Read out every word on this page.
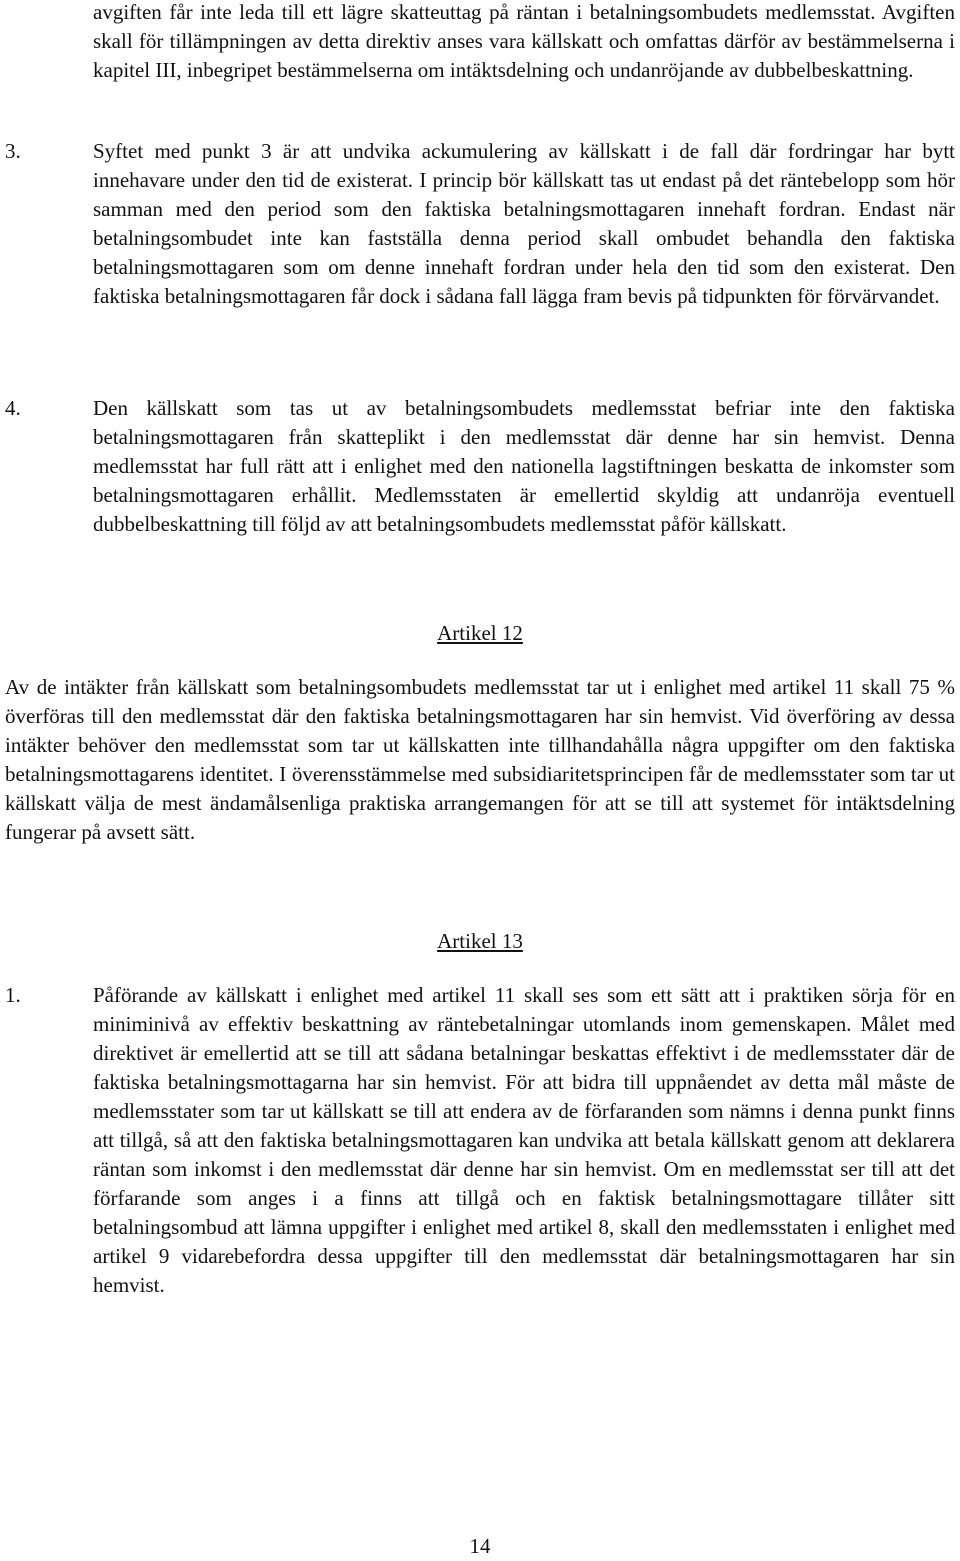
avgiften får inte leda till ett lägre skatteuttag på räntan i betalningsombudets medlemsstat. Avgiften skall för tillämpningen av detta direktiv anses vara källskatt och omfattas därför av bestämmelserna i kapitel III, inbegripet bestämmelserna om intäktsdelning och undanröjande av dubbelbeskattning.

3.	Syftet med punkt 3 är att undvika ackumulering av källskatt i de fall där fordringar har bytt innehavare under den tid de existerat. I princip bör källskatt tas ut endast på det räntebelopp som hör samman med den period som den faktiska betalningsmottagaren innehaft fordran. Endast när betalningsombudet inte kan fastställa denna period skall ombudet behandla den faktiska betalningsmottagaren som om denne innehaft fordran under hela den tid som den existerat. Den faktiska betalningsmottagaren får dock i sådana fall lägga fram bevis på tidpunkten för förvärvandet.

4.	Den källskatt som tas ut av betalningsombudets medlemsstat befriar inte den faktiska betalningsmottagaren från skatteplikt i den medlemsstat där denne har sin hemvist. Denna medlemsstat har full rätt att i enlighet med den nationella lagstiftningen beskatta de inkomster som betalningsmottagaren erhållit. Medlemsstaten är emellertid skyldig att undanröja eventuell dubbelbeskattning till följd av att betalningsombudets medlemsstat påför källskatt.

Artikel 12

Av de intäkter från källskatt som betalningsombudets medlemsstat tar ut i enlighet med artikel 11 skall 75 % överföras till den medlemsstat där den faktiska betalningsmottagaren har sin hemvist. Vid överföring av dessa intäkter behöver den medlemsstat som tar ut källskatten inte tillhandahålla några uppgifter om den faktiska betalningsmottagarens identitet. I överensstämmelse med subsidiaritetsprincipen får de medlemsstater som tar ut källskatt välja de mest ändamålsenliga praktiska arrangemangen för att se till att systemet för intäktsdelning fungerar på avsett sätt.

Artikel 13

1.	Påförande av källskatt i enlighet med artikel 11 skall ses som ett sätt att i praktiken sörja för en miniminivå av effektiv beskattning av räntebetalningar utomlands inom gemenskapen. Målet med direktivet är emellertid att se till att sådana betalningar beskattas effektivt i de medlemsstater där de faktiska betalningsmottagarna har sin hemvist. För att bidra till uppnåendet av detta mål måste de medlemsstater som tar ut källskatt se till att endera av de förfaranden som nämns i denna punkt finns att tillgå, så att den faktiska betalningsmottagaren kan undvika att betala källskatt genom att deklarera räntan som inkomst i den medlemsstat där denne har sin hemvist. Om en medlemsstat ser till att det förfarande som anges i a finns att tillgå och en faktisk betalningsmottagare tillåter sitt betalningsombud att lämna uppgifter i enlighet med artikel 8, skall den medlemsstaten i enlighet med artikel 9 vidarebefordra dessa uppgifter till den medlemsstat där betalningsmottagaren har sin hemvist.

14
